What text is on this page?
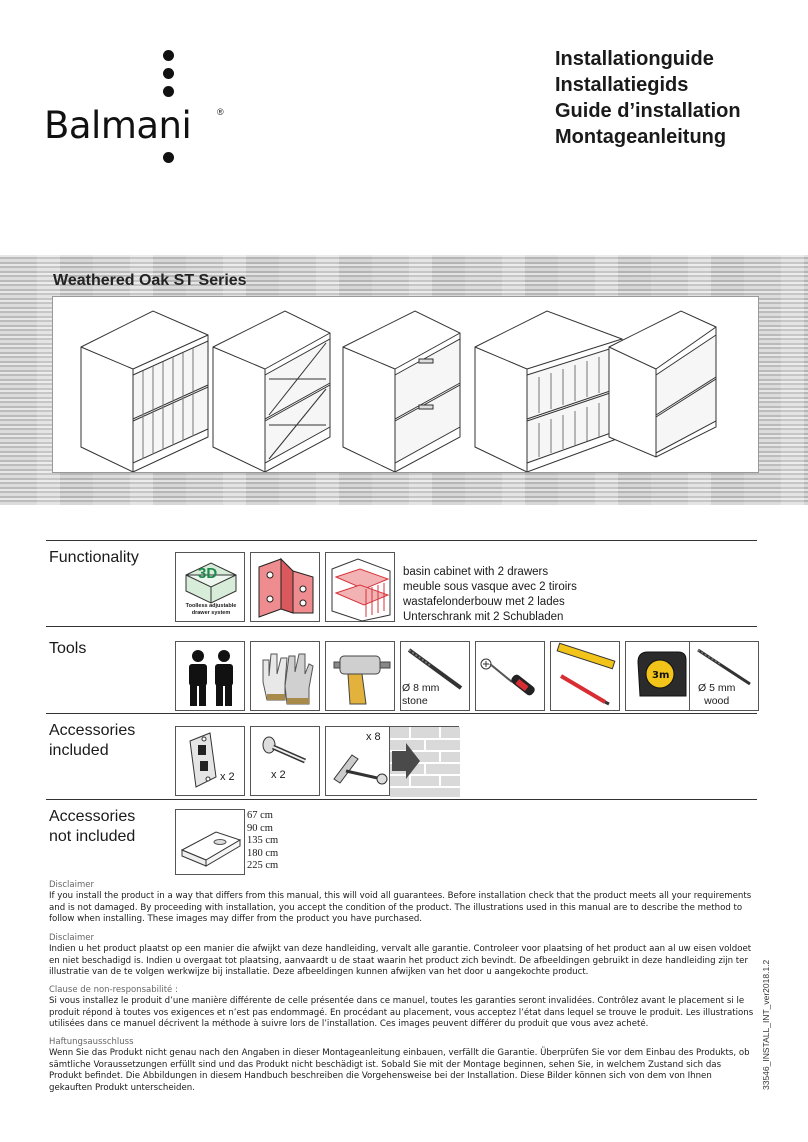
Balmani	®
Installationguide
Installatiegids
Guide d’installation
Montageanleitung
Weathered Oak ST Series
Functionality
3D
Toolless adjustable drawer system
basin cabinet with 2 drawers
meuble sous vasque avec 2 tiroirs
wastafelonderbouw met 2 lades
Unterschrank mit 2 Schubladen
Tools
Ø 8 mm
stone
3m
Ø 5 mm
wood
Accessories
included
x 2	x 2
x 8
Accessories
not included
67 cm
90 cm
135 cm
180 cm
225 cm

Disclaimer

If you install the product in a way that differs from this manual, this will void all guarantees. Before installation check that the product meets all your requirements and is not damaged. By proceeding with installation, you accept the condition of the product. The illustrations used in this manual are to describe the method to follow when installing. These images may differ from the product you have purchased.

Disclaimer

Indien u het product plaatst op een manier die afwijkt van deze handleiding, vervalt alle garantie. Controleer voor plaatsing of het product aan al uw eisen voldoet en niet beschadigd is. Indien u overgaat tot plaatsing, aanvaardt u de staat waarin het product zich bevindt. De afbeeldingen gebruikt in deze handleiding zijn ter illustratie van de te volgen werkwijze bij installatie. Deze afbeeldingen kunnen afwijken van het door u aangekochte product.

Clause de non-responsabilité :

Si vous installez le produit d’une manière différente de celle présentée dans ce manuel, toutes les garanties seront invalidées. Contrôlez avant le placement si le produit répond à toutes vos exigences et n’est pas endommagé. En procédant au placement, vous acceptez l’état dans lequel se trouve le produit. Les illustrations utilisées dans ce manuel décrivent la méthode à suivre lors de l’installation. Ces images peuvent différer du produit que vous avez acheté.

Haftungsausschluss

Wenn Sie das Produkt nicht genau nach den Angaben in dieser Montageanleitung einbauen, verfällt die Garantie. Überprüfen Sie vor dem Einbau des Produkts, ob sämtliche Voraussetzungen erfüllt sind und das Produkt nicht beschädigt ist. Sobald Sie mit der Montage beginnen, sehen Sie, in welchem Zustand sich das Produkt befindet. Die Abbildungen in diesem Handbuch beschreiben die Vorgehensweise bei der Installation. Diese Bilder können sich von dem von Ihnen gekauften Produkt unterscheiden.	33546_INSTALL_INT_ver2018.1.2
